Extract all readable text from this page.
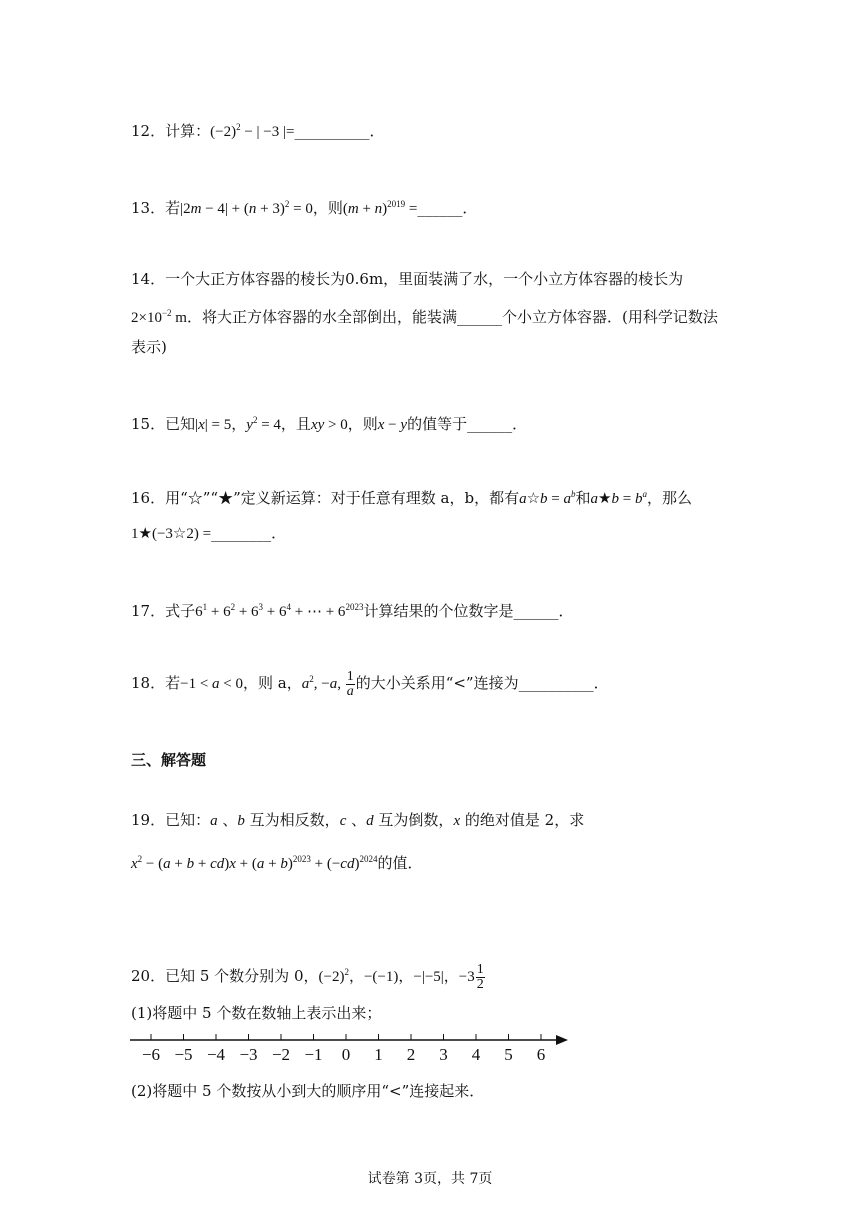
12．计算：$(-2)^2$ − | −3 |=__________．
13．若$|2m - 4| + (n + 3)^2 = 0$，则$(m + n)^{2019}$ =______．
14．一个大正方体容器的棱长为0.6m，里面装满了水，一个小立方体容器的棱长为
$2\times 10^{-2}$ m．将大正方体容器的水全部倒出，能装满______个小立方体容器．(用科学记数法
表示)
15．已知|x| = 5，$y^2 = 4$，且xy > 0，则x − y的值等于______．
16．用“☆”“★”定义新运算：对于任意有理数 a，b，都有a☆b = $a^b$和a★b = $b^a$，那么
1★(−3☆2) =________．
17．式子$6^1 + 6^2 + 6^3 + 6^4$ + ⋯ + $6^{2023}$计算结果的个位数字是______．
18．若−1 < a < 0，则 a，$a^2$, −a, $\frac{1}{a}$ 的大小关系用“<”连接为__________．
三、解答题
19．已知：a 、b 互为相反数，c 、d 互为倒数，x 的绝对值是 2，求
$x^2 - (a + b + cd)x + (a + b)^{2023} + (-cd)^{2024}$的值．
20．已知 5 个数分别为 0，$(-2)^2$，−(−1)，−|−5|，$-3 \frac{1}{2}$
(1)将题中 5 个数在数轴上表示出来；
−6 −5 −4 −3 −2 −1 0 1 2 3 4 5 6
(2)将题中 5 个数按从小到大的顺序用“<”连接起来．
试卷第 3页，共 7页
